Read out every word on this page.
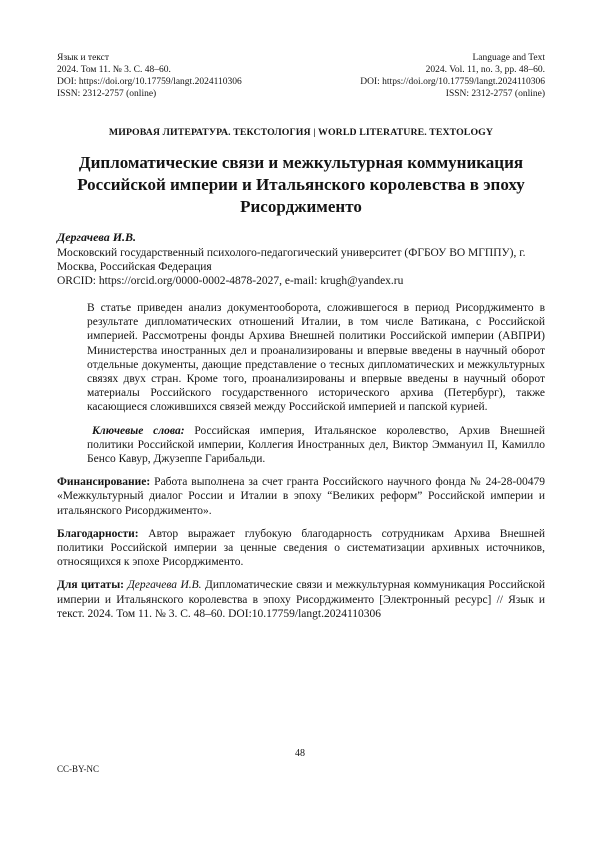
Язык и текст
2024. Том 11. № 3. С. 48–60.
DOI: https://doi.org/10.17759/langt.2024110306
ISSN: 2312-2757 (online)
Language and Text
2024. Vol. 11, no. 3, pp. 48–60.
DOI: https://doi.org/10.17759/langt.2024110306
ISSN: 2312-2757 (online)
МИРОВАЯ ЛИТЕРАТУРА. ТЕКСТОЛОГИЯ | WORLD LITERATURE. TEXTOLOGY
Дипломатические связи и межкультурная коммуникация Российской империи и Итальянского королевства в эпоху Рисорджименто
Дергачева И.В.
Московский государственный психолого-педагогический университет (ФГБОУ ВО МГППУ), г. Москва, Российская Федерация
ORCID: https://orcid.org/0000-0002-4878-2027, e-mail: krugh@yandex.ru
В статье приведен анализ документооборота, сложившегося в период Рисорджименто в результате дипломатических отношений Италии, в том числе Ватикана, с Российской империей. Рассмотрены фонды Архива Внешней политики Российской империи (АВПРИ) Министерства иностранных дел и проанализированы и впервые введены в научный оборот отдельные документы, дающие представление о тесных дипломатических и межкультурных связях двух стран. Кроме того, проанализированы и впервые введены в научный оборот материалы Российского государственного исторического архива (Петербург), также касающиеся сложившихся связей между Российской империей и папской курией.

Ключевые слова: Российская империя, Итальянское королевство, Архив Внешней политики Российской империи, Коллегия Иностранных дел, Виктор Эммануил II, Камилло Бенсо Кавур, Джузеппе Гарибальди.

Финансирование: Работа выполнена за счет гранта Российского научного фонда № 24-28-00479 «Межкультурный диалог России и Италии в эпоху “Великих реформ” Российской империи и итальянского Рисорджименто».

Благодарности: Автор выражает глубокую благодарность сотрудникам Архива Внешней политики Российской империи за ценные сведения о систематизации архивных источников, относящихся к эпохе Рисорджименто.

Для цитаты: Дергачева И.В. Дипломатические связи и межкультурная коммуникация Российской империи и Итальянского королевства в эпоху Рисорджименто [Электронный ресурс] // Язык и текст. 2024. Том 11. № 3. С. 48–60. DOI:10.17759/langt.2024110306

48
CC-BY-NC
